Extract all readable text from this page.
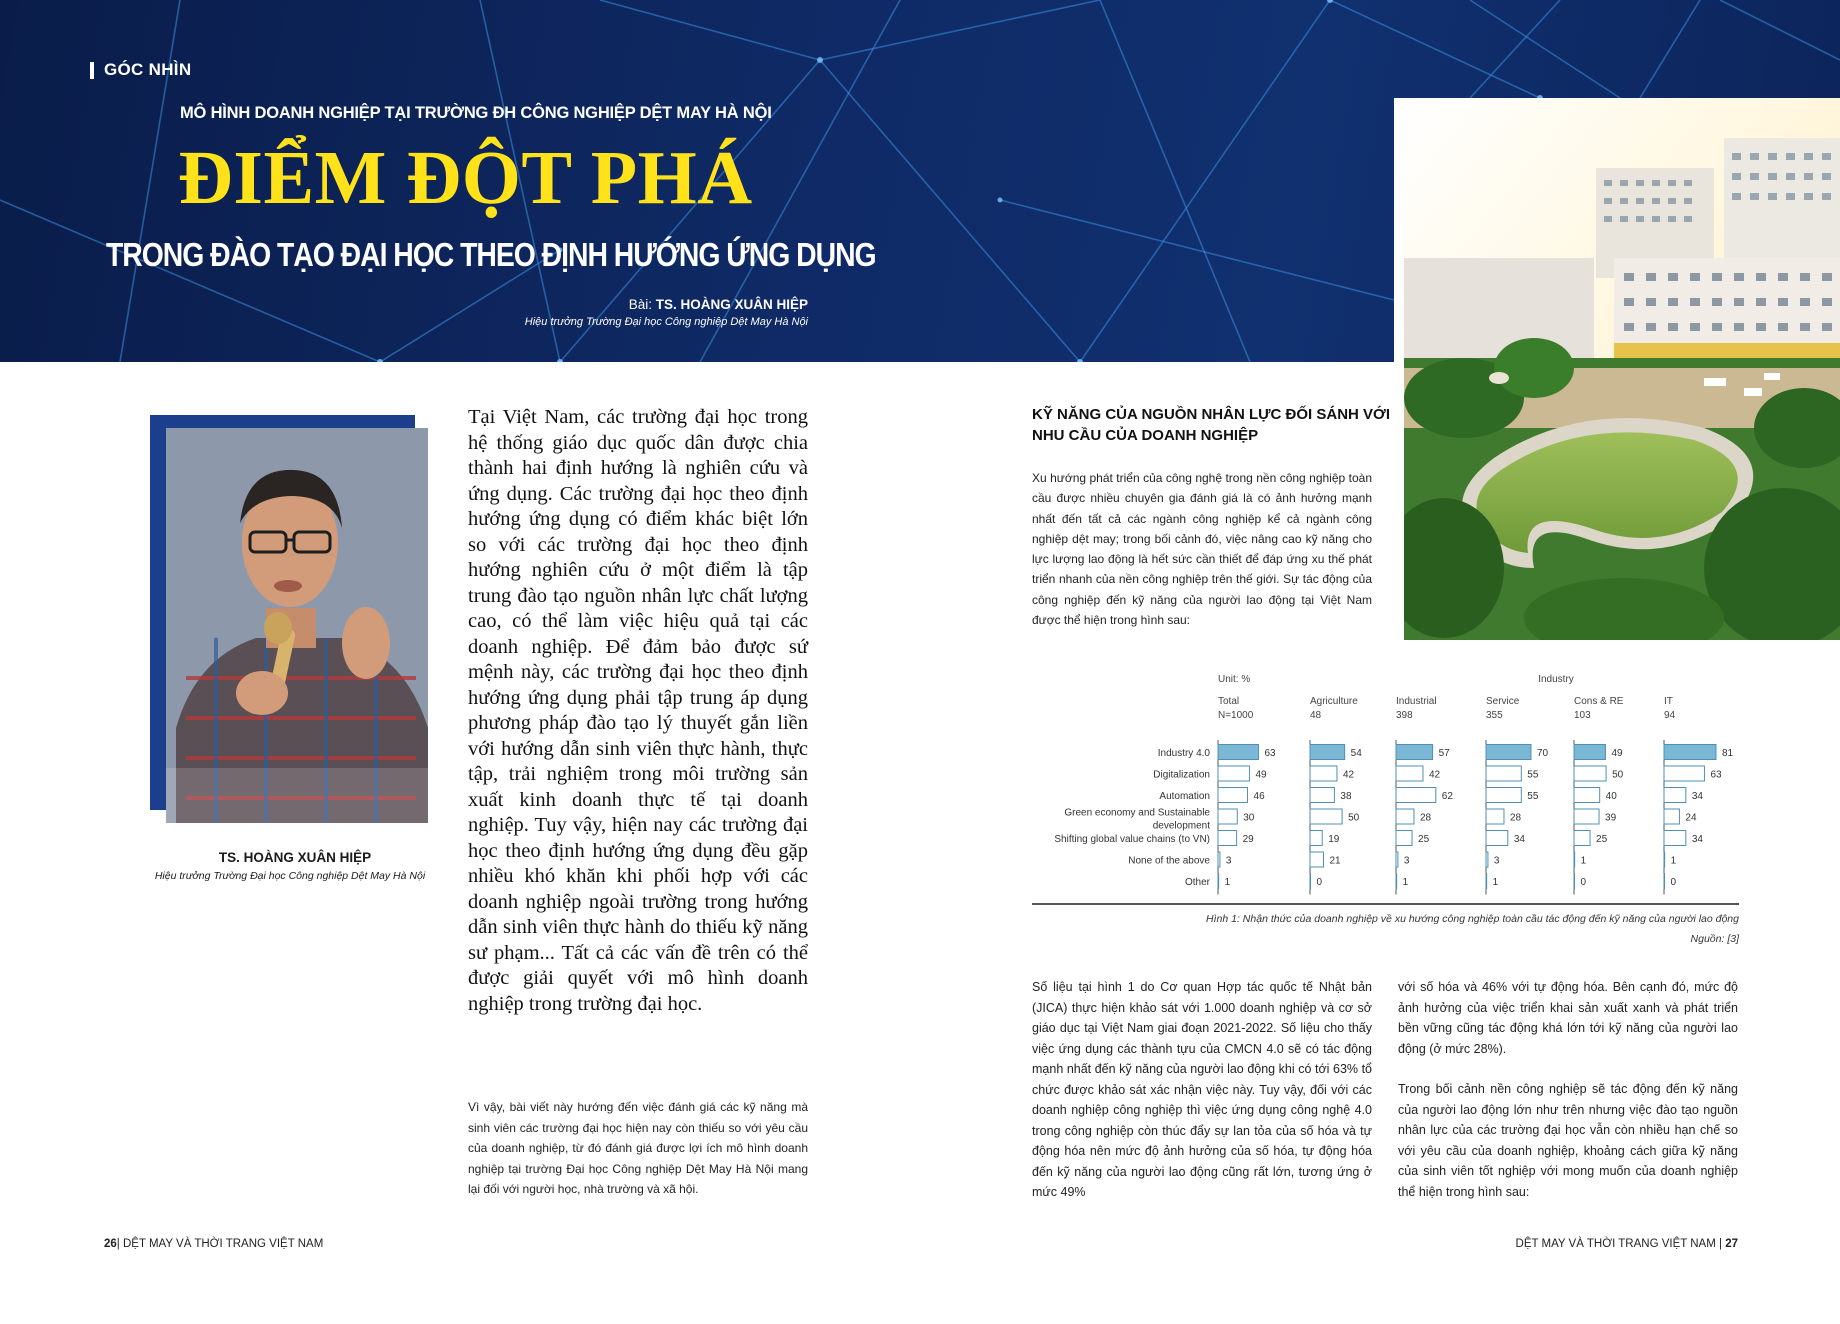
GÓC NHÌN
MÔ HÌNH DOANH NGHIỆP TẠI TRƯỜNG ĐH CÔNG NGHIỆP DỆT MAY HÀ NỘI
ĐIỂM ĐỘT PHÁ
TRONG ĐÀO TẠO ĐẠI HỌC THEO ĐỊNH HƯỚNG ỨNG DỤNG
Bài: TS. HOÀNG XUÂN HIỆP
Hiệu trưởng Trường Đại học Công nghiệp Dệt May Hà Nội
TS. HOÀNG XUÂN HIỆP
Hiệu trưởng Trường Đại học Công nghiệp Dệt May Hà Nội
Tại Việt Nam, các trường đại học trong hệ thống giáo dục quốc dân được chia thành hai định hướng là nghiên cứu và ứng dụng. Các trường đại học theo định hướng ứng dụng có điểm khác biệt lớn so với các trường đại học theo định hướng nghiên cứu ở một điểm là tập trung đào tạo nguồn nhân lực chất lượng cao, có thể làm việc hiệu quả tại các doanh nghiệp. Để đảm bảo được sứ mệnh này, các trường đại học theo định hướng ứng dụng phải tập trung áp dụng phương pháp đào tạo lý thuyết gắn liền với hướng dẫn sinh viên thực hành, thực tập, trải nghiệm trong môi trường sản xuất kinh doanh thực tế tại doanh nghiệp. Tuy vậy, hiện nay các trường đại học theo định hướng ứng dụng đều gặp nhiều khó khăn khi phối hợp với các doanh nghiệp ngoài trường trong hướng dẫn sinh viên thực hành do thiếu kỹ năng sư phạm... Tất cả các vấn đề trên có thể được giải quyết với mô hình doanh nghiệp trong trường đại học.
Vì vậy, bài viết này hướng đến việc đánh giá các kỹ năng mà sinh viên các trường đại học hiện nay còn thiếu so với yêu cầu của doanh nghiệp, từ đó đánh giá được lợi ích mô hình doanh nghiệp tại trường Đại học Công nghiệp Dệt May Hà Nội mang lại đối với người học, nhà trường và xã hội.
KỸ NĂNG CỦA NGUỒN NHÂN LỰC ĐỐI SÁNH VỚI NHU CẦU CỦA DOANH NGHIỆP
Xu hướng phát triển của công nghệ trong nền công nghiệp toàn cầu được nhiều chuyên gia đánh giá là có ảnh hưởng mạnh nhất đến tất cả các ngành công nghiệp kể cả ngành công nghiệp dệt may; trong bối cảnh đó, việc nâng cao kỹ năng cho lực lượng lao động là hết sức cần thiết để đáp ứng xu thế phát triển nhanh của nền công nghiệp trên thế giới. Sự tác động của công nghiệp đến kỹ năng của người lao động tại Việt Nam được thể hiện trong hình sau:
Unit: %	Industry
Total
N=1000
63
49
46
30
29
3
1
Agriculture
48
54
42
38
50
19
21
0
Industrial
398
57
42
62
28
25
3
1
Service
355
70
55
55
28
34
3
1
Cons & RE
103
49
50
40
39
25
1
0
IT
94
81
63
34
24
34
1
0
Industry 4.0
Digitalization
Automation
Green economy and Sustainable
development
Shifting global value chains (to VN)
None of the above
Other
Hình 1: Nhận thức của doanh nghiệp về xu hướng công nghiệp toàn cầu tác động đến kỹ năng của người lao động
Nguồn: [3]
Số liệu tại hình 1 do Cơ quan Hợp tác quốc tế Nhật bản (JICA) thực hiện khảo sát với 1.000 doanh nghiệp và cơ sở giáo dục tại Việt Nam giai đoạn 2021-2022. Số liệu cho thấy việc ứng dụng các thành tựu của CMCN 4.0 sẽ có tác động mạnh nhất đến kỹ năng của người lao động khi có tới 63% tổ chức được khảo sát xác nhận việc này. Tuy vậy, đối với các doanh nghiệp công nghiệp thì việc ứng dụng công nghệ 4.0 trong công nghiệp còn thúc đẩy sự lan tỏa của số hóa và tự động hóa nên mức độ ảnh hưởng của số hóa, tự động hóa đến kỹ năng của người lao động cũng rất lớn, tương ứng ở mức 49%

với số hóa và 46% với tự động hóa. Bên cạnh đó, mức độ ảnh hưởng của việc triển khai sản xuất xanh và phát triển bền vững cũng tác động khá lớn tới kỹ năng của người lao động (ở mức 28%).

Trong bối cảnh nền công nghiệp sẽ tác động đến kỹ năng của người lao động lớn như trên nhưng việc đào tạo nguồn nhân lực của các trường đại học vẫn còn nhiều hạn chế so với yêu cầu của doanh nghiệp, khoảng cách giữa kỹ năng của sinh viên tốt nghiệp với mong muốn của doanh nghiệp thể hiện trong hình sau:

26| DỆT MAY VÀ THỜI TRANG VIỆT NAM	DỆT MAY VÀ THỜI TRANG VIỆT NAM | 27
